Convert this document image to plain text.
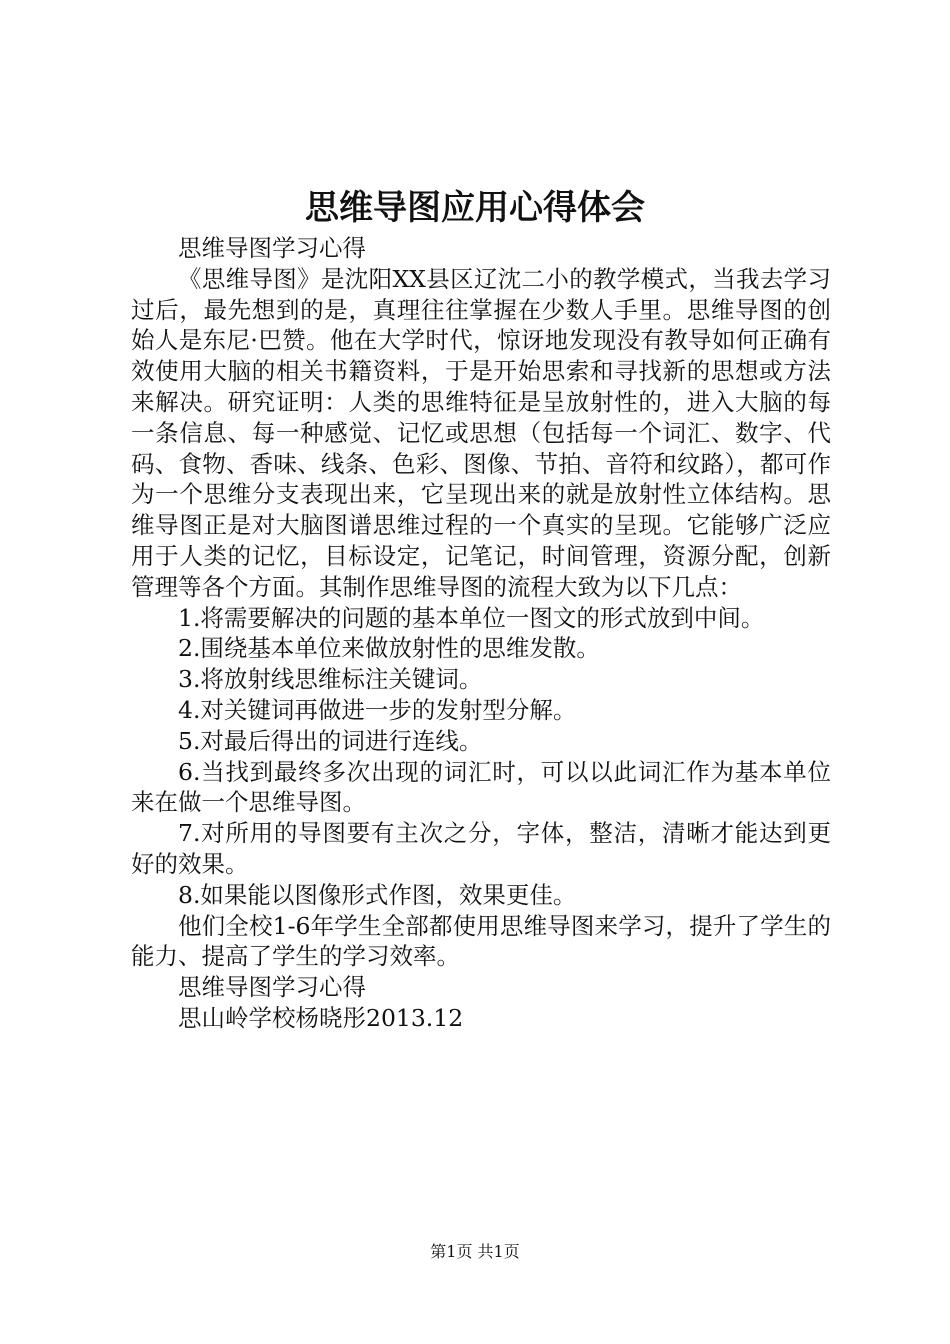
思维导图应用心得体会

思维导图学习心得

《思维导图》是沈阳XX县区辽沈二小的教学模式，当我去学习过后，最先想到的是，真理往往掌握在少数人手里。思维导图的创始人是东尼·巴赞。他在大学时代，惊讶地发现没有教导如何正确有效使用大脑的相关书籍资料，于是开始思索和寻找新的思想或方法来解决。研究证明：人类的思维特征是呈放射性的，进入大脑的每一条信息、每一种感觉、记忆或思想（包括每一个词汇、数字、代码、食物、香味、线条、色彩、图像、节拍、音符和纹路），都可作为一个思维分支表现出来，它呈现出来的就是放射性立体结构。思维导图正是对大脑图谱思维过程的一个真实的呈现。它能够广泛应用于人类的记忆，目标设定，记笔记，时间管理，资源分配，创新管理等各个方面。其制作思维导图的流程大致为以下几点：

1.将需要解决的问题的基本单位一图文的形式放到中间。

2.围绕基本单位来做放射性的思维发散。

3.将放射线思维标注关键词。

4.对关键词再做进一步的发射型分解。

5.对最后得出的词进行连线。

6.当找到最终多次出现的词汇时，可以以此词汇作为基本单位来在做一个思维导图。

7.对所用的导图要有主次之分，字体，整洁，清晰才能达到更好的效果。

8.如果能以图像形式作图，效果更佳。

他们全校1-6年学生全部都使用思维导图来学习，提升了学生的能力、提高了学生的学习效率。

思维导图学习心得

思山岭学校杨晓彤2013.12

第1页 共1页
